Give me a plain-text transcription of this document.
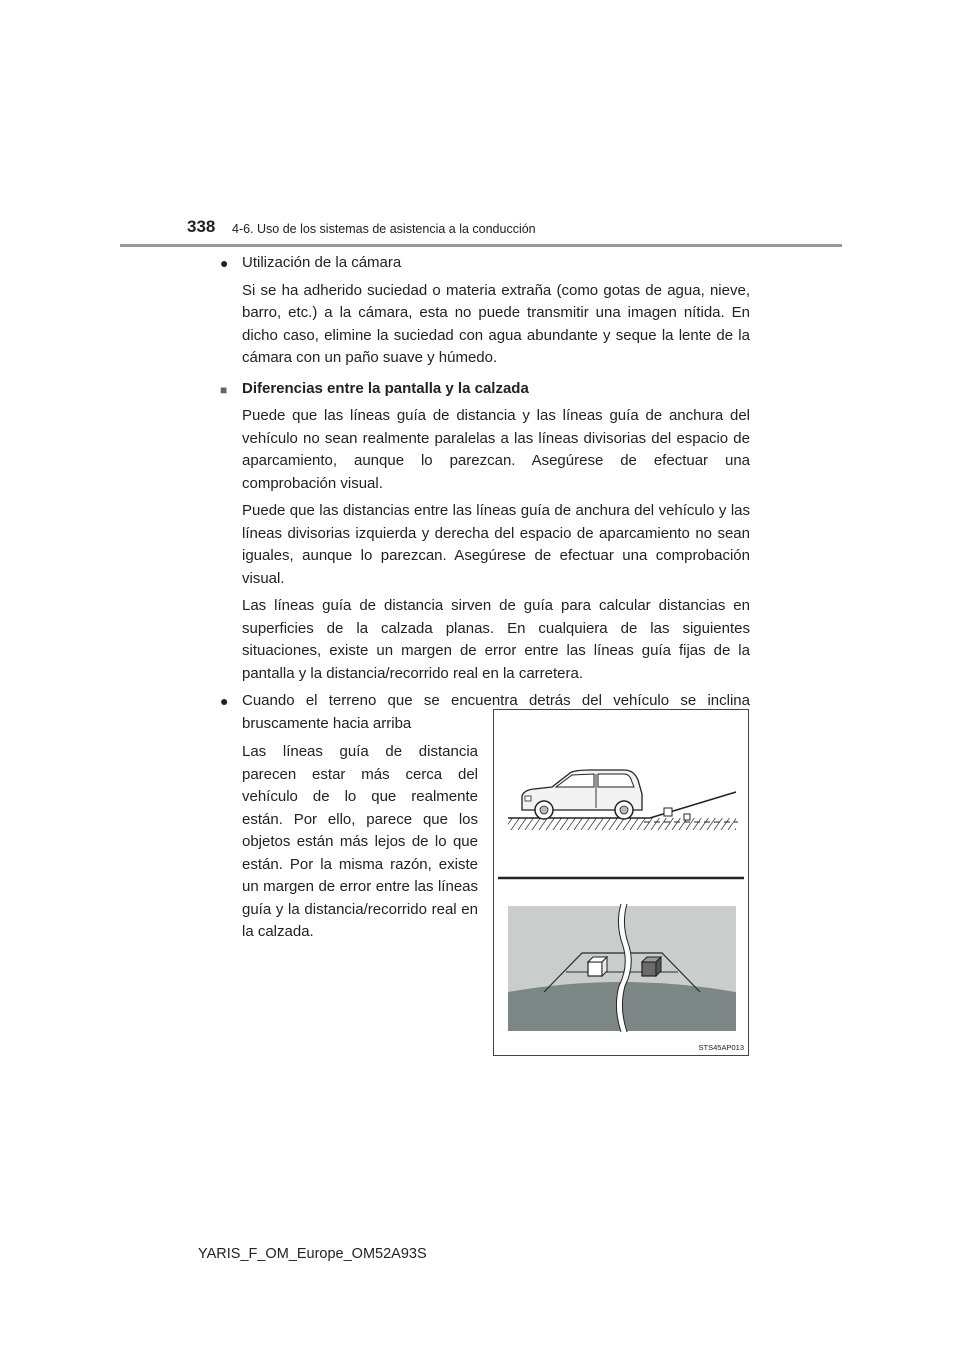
338 4-6. Uso de los sistemas de asistencia a la conducción
● Utilización de la cámara

Si se ha adherido suciedad o materia extraña (como gotas de agua, nieve, barro, etc.) a la cámara, esta no puede transmitir una imagen nítida. En dicho caso, elimine la suciedad con agua abundante y seque la lente de la cámara con un paño suave y húmedo.

■ Diferencias entre la pantalla y la calzada

Puede que las líneas guía de distancia y las líneas guía de anchura del vehículo no sean realmente paralelas a las líneas divisorias del espacio de aparcamiento, aunque lo parezcan. Asegúrese de efectuar una comprobación visual.

Puede que las distancias entre las líneas guía de anchura del vehículo y las líneas divisorias izquierda y derecha del espacio de aparcamiento no sean iguales, aunque lo parezcan. Asegúrese de efectuar una comprobación visual.

Las líneas guía de distancia sirven de guía para calcular distancias en superficies de la calzada planas. En cualquiera de las siguientes situaciones, existe un margen de error entre las líneas guía fijas de la pantalla y la distancia/recorrido real en la carretera.

● Cuando el terreno que se encuentra detrás del vehículo se inclina bruscamente hacia arriba
Las líneas guía de distancia parecen estar más cerca del vehículo de lo que realmente están. Por ello, parece que los objetos están más lejos de lo que están. Por la misma razón, existe un margen de error entre las líneas guía y la distancia/recorrido real en la calzada.
STS45AP013
YARIS_F_OM_Europe_OM52A93S
